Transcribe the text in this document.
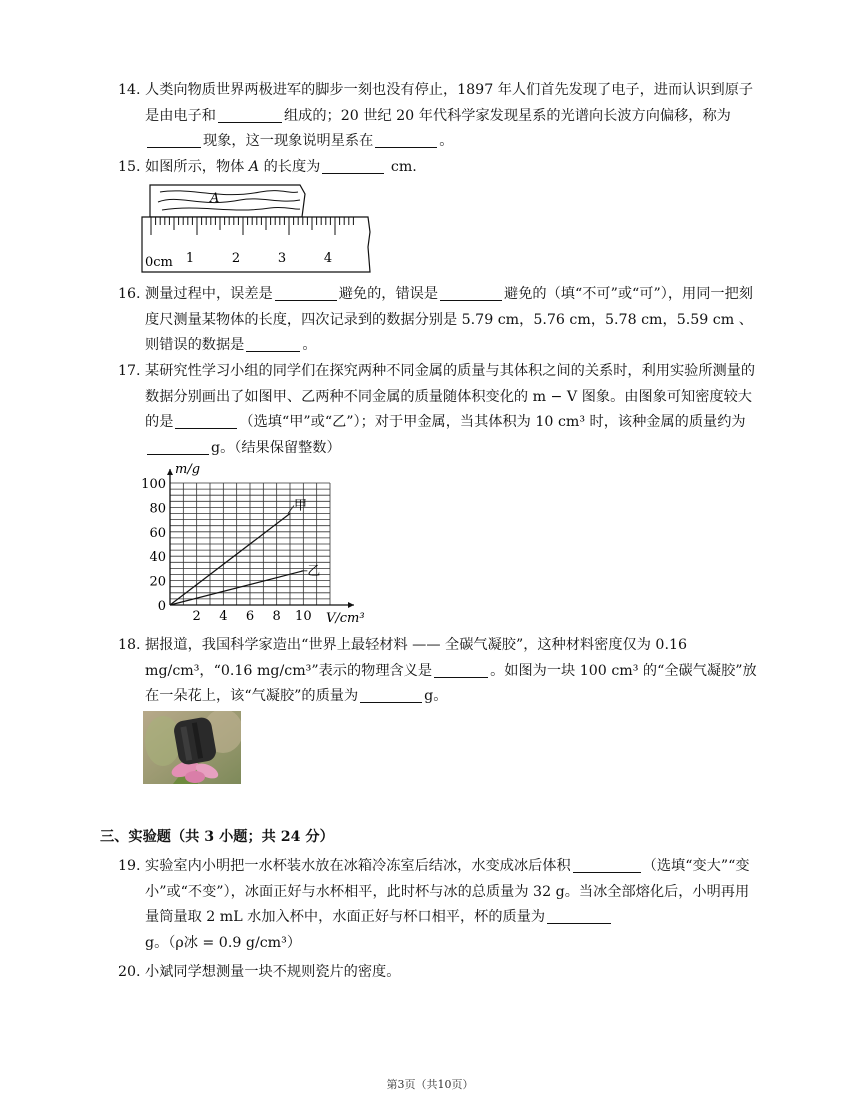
14. 人类向物质世界两极进军的脚步一刻也没有停止，1897 年人们首先发现了电子，进而认识到原子是由电子和	组成的；20 世纪 20 年代科学家发现星系的光谱向长波方向偏移，称为现象，这一现象说明星系在	。
15. 如图所示，物体 A 的长度为	cm.
A
0cm 1	2	3	4
16. 测量过程中，误差是	避免的，错误是	避免的（填“不可”或“可”），用同一把刻度尺测量某物体的长度，四次记录到的数据分别是 5.79 cm，5.76 cm，5.78 cm，5.59 cm 、则错误的数据是	。
17. 某研究性学习小组的同学们在探究两种不同金属的质量与其体积之间的关系时，利用实验所测量的数据分别画出了如图甲、乙两种不同金属的质量随体积变化的 m − V 图象。由图象可知密度较大的是	（选填“甲”或“乙”）；对于甲金属，当其体积为 10 cm³ 时，该种金属的质量约为g。（结果保留整数）
2 4 6 8 10
0
20
40
60
80
100
甲
乙
m/g
V/cm³
18. 据报道，我国科学家造出“世界上最轻材料 —— 全碳气凝胶”，这种材料密度仅为 0.16 mg/cm³，“0.16 mg/cm³”表示的物理含义是	。如图为一块 100 cm³ 的“全碳气凝胶”放在一朵花上，该“气凝胶”的质量为	g。
三、实验题（共 3 小题；共 24 分）
19. 实验室内小明把一水杯装水放在冰箱冷冻室后结冰，水变成冰后体积	（选填“变大”“变小”或“不变”），冰面正好与水杯相平，此时杯与冰的总质量为 32 g。当冰全部熔化后，小明再用量筒量取 2 mL 水加入杯中，水面正好与杯口相平，杯的质量为g。（ρ冰 = 0.9 g/cm³）
20. 小斌同学想测量一块不规则瓷片的密度。
第3页（共10页）
